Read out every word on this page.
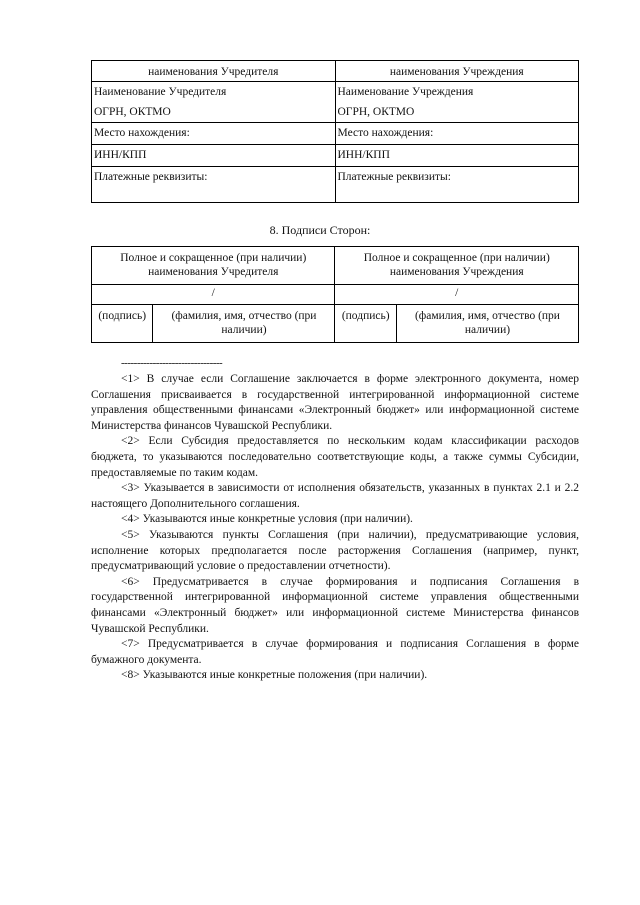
наименования Учредителя	наименования Учреждения
Наименование Учредителя	Наименование Учреждения
ОГРН, ОКТМО	ОГРН, ОКТМО
Место нахождения:	Место нахождения:
ИНН/КПП	ИНН/КПП
Платежные реквизиты:	Платежные реквизиты:
8. Подписи Сторон:
Полное и сокращенное (при наличии) наименования Учредителя		Полное и сокращенное (при наличии) наименования Учреждения	
/		/	
(подпись)	(фамилия, имя, отчество (при наличии)	(подпись)	(фамилия, имя, отчество (при наличии)
--------------------------------

<1> В случае если Соглашение заключается в форме электронного документа, номер Соглашения присваивается в государственной интегрированной информационной системе управления общественными финансами «Электронный бюджет» или информационной системе Министерства финансов Чувашской Республики.

<2> Если Субсидия предоставляется по нескольким кодам классификации расходов бюджета, то указываются последовательно соответствующие коды, а также суммы Субсидии, предоставляемые по таким кодам.

<3> Указывается в зависимости от исполнения обязательств, указанных в пунктах 2.1 и 2.2 настоящего Дополнительного соглашения.

<4> Указываются иные конкретные условия (при наличии).

<5> Указываются пункты Соглашения (при наличии), предусматривающие условия, исполнение которых предполагается после расторжения Соглашения (например, пункт, предусматривающий условие о предоставлении отчетности).

<6> Предусматривается в случае формирования и подписания Соглашения в государственной интегрированной информационной системе управления общественными финансами «Электронный бюджет» или информационной системе Министерства финансов Чувашской Республики.

<7> Предусматривается в случае формирования и подписания Соглашения в форме бумажного документа.

<8> Указываются иные конкретные положения (при наличии).
